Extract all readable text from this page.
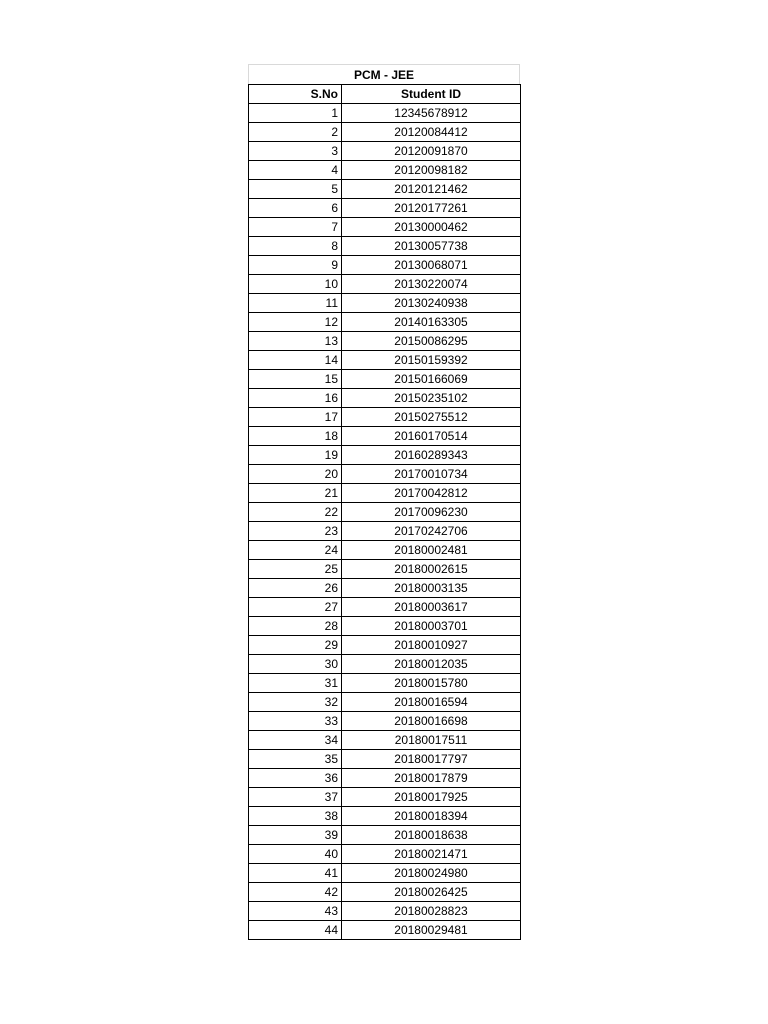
PCM - JEE
S.No	Student ID
1	12345678912
2	20120084412
3	20120091870
4	20120098182
5	20120121462
6	20120177261
7	20130000462
8	20130057738
9	20130068071
10	20130220074
11	20130240938
12	20140163305
13	20150086295
14	20150159392
15	20150166069
16	20150235102
17	20150275512
18	20160170514
19	20160289343
20	20170010734
21	20170042812
22	20170096230
23	20170242706
24	20180002481
25	20180002615
26	20180003135
27	20180003617
28	20180003701
29	20180010927
30	20180012035
31	20180015780
32	20180016594
33	20180016698
34	20180017511
35	20180017797
36	20180017879
37	20180017925
38	20180018394
39	20180018638
40	20180021471
41	20180024980
42	20180026425
43	20180028823
44	20180029481
